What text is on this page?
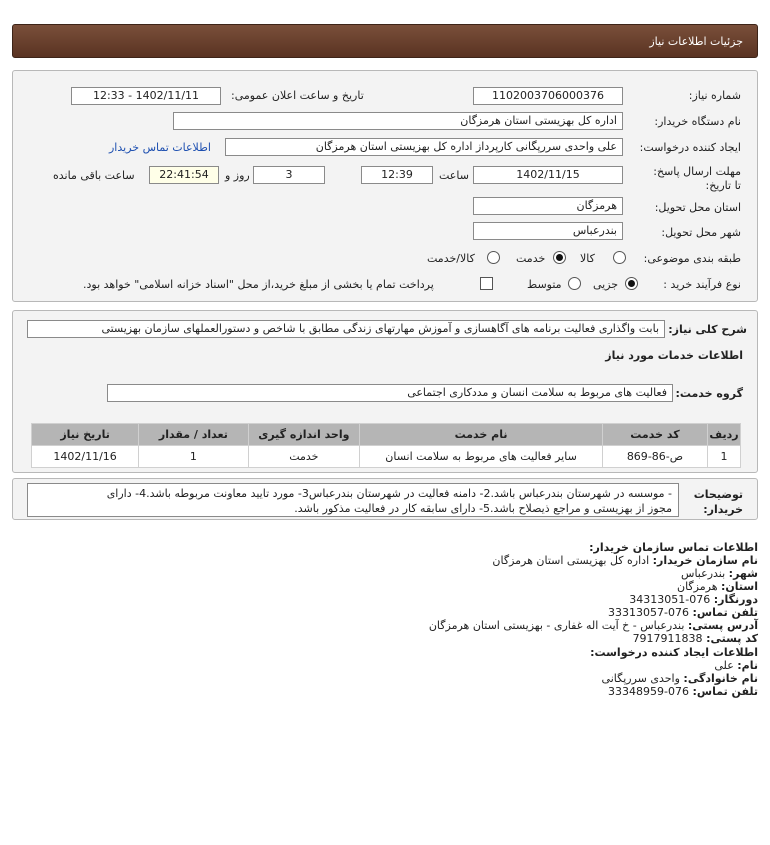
جزئیات اطلاعات نیاز
شماره نیاز:
1102003706000376
تاریخ و ساعت اعلان عمومی:
1402/11/11 - 12:33
نام دستگاه خریدار:
اداره کل بهزیستی استان هرمزگان
ایجاد کننده درخواست:
علی واحدی سررپگانی کارپرداز اداره کل بهزیستی استان هرمزگان
اطلاعات تماس خریدار
مهلت ارسال پاسخ: تا تاریخ:
1402/11/15
ساعت
12:39
3
روز و
22:41:54
ساعت باقی مانده
استان محل تحویل:
هرمزگان
شهر محل تحویل:
بندرعباس
طبقه بندی موضوعی:
کالا
خدمت
کالا/خدمت
نوع فرآیند خرید :
جزیی
متوسط
پرداخت تمام یا بخشی از مبلغ خرید،از محل "اسناد خزانه اسلامی" خواهد بود.
شرح کلی نیاز:
بابت واگذاری فعالیت برنامه های آگاهسازی و آموزش مهارتهای زندگی مطابق با شاخص و دستورالعملهای سازمان بهزیستی
اطلاعات خدمات مورد نیاز
گروه خدمت:
فعالیت های مربوط به سلامت انسان و مددکاری اجتماعی
ردیف	کد خدمت	نام خدمت	واحد اندازه گیری	تعداد / مقدار	تاریخ نیاز
1	ص-86-869	سایر فعالیت های مربوط به سلامت انسان	خدمت	1	1402/11/16
توضیحات خریدار:
- موسسه در شهرستان بندرعباس باشد.2- دامنه فعالیت در شهرستان بندرعباس3- مورد تایید معاونت مربوطه باشد.4- دارای
مجوز از بهزیستی و مراجع ذیصلاح باشد.5- دارای سابقه کار در فعالیت مذکور باشد.
اطلاعات تماس سازمان خریدار:
نام سازمان خریدار: اداره کل بهزیستی استان هرمزگان
شهر: بندرعباس
استان: هرمزگان
دورنگار: 076-34313051
تلفن تماس: 076-33313057
آدرس پستی: بندرعباس - خ آیت اله غفاری - بهزیستی استان هرمزگان
کد پستی: 7917911838
اطلاعات ایجاد کننده درخواست:
نام: علی
نام خانوادگی: واحدی سررپگانی
تلفن تماس: 076-33348959
